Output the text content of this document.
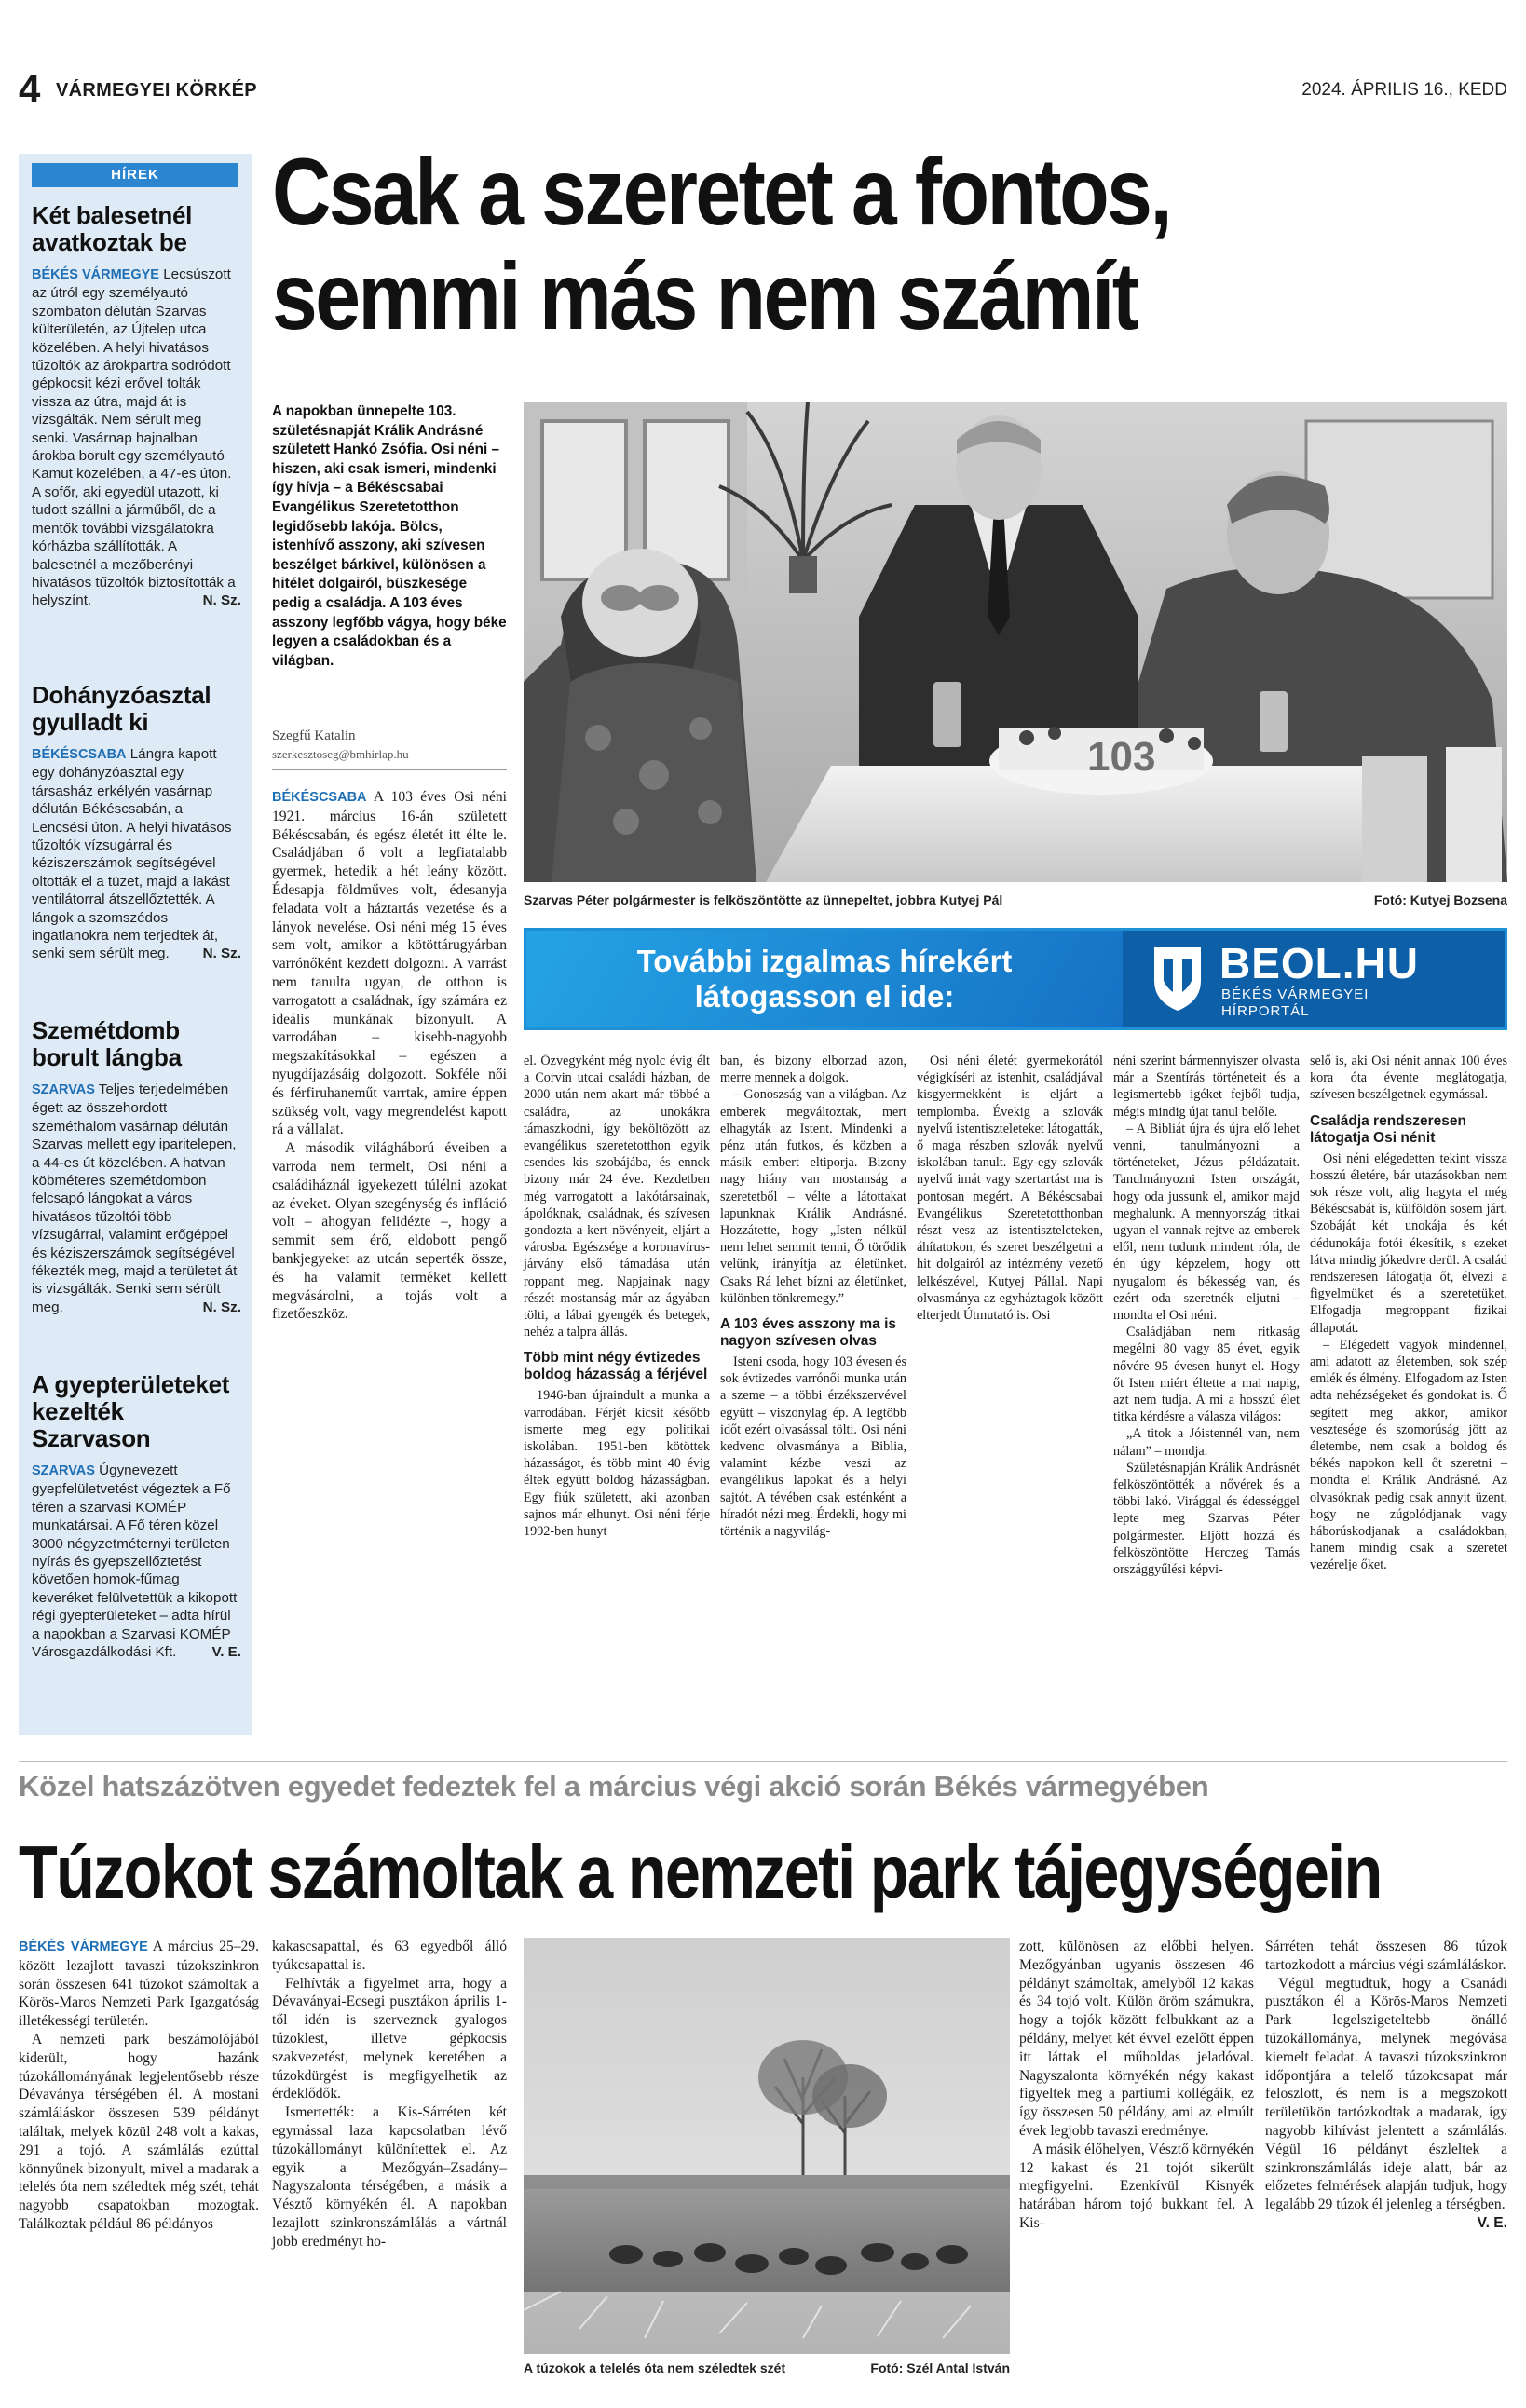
4 VÁRMEGYEI KÖRKÉP	2024. ÁPRILIS 16., KEDD
HÍREK
Két balesetnél avatkoztak be
BÉKÉS VÁRMEGYE Lecsúszott az útról egy személyautó szombaton délután Szarvas külterületén, az Újtelep utca közelében. A helyi hivatásos tűzoltók az árokpartra sodródott gépkocsit kézi erővel tolták vissza az útra, majd át is vizsgálták. Nem sérült meg senki. Vasárnap hajnalban árokba borult egy személyautó Kamut közelében, a 47-es úton. A sofőr, aki egyedül utazott, ki tudott szállni a járműből, de a mentők további vizsgálatokra kórházba szállították. A balesetnél a mezőberényi hivatásos tűzoltók biztosították a helyszínt.	N. Sz.
Dohányzóasztal gyulladt ki
BÉKÉSCSABA Lángra kapott egy dohányzóasztal egy társasház erkélyén vasárnap délután Békéscsabán, a Lencsési úton. A helyi hivatásos tűzoltók vízsugárral és kéziszerszámok segítségével oltották el a tüzet, majd a lakást ventilátorral átszellőztették. A lángok a szomszédos ingatlanokra nem terjedtek át, senki sem sérült meg. N. Sz.
Szemétdomb borult lángba
SZARVAS Teljes terjedelmében égett az összehordott szeméthalom vasárnap délután Szarvas mellett egy iparitelepen, a 44-es út közelében. A hatvan köbméteres szemétdombon felcsapó lángokat a város hivatásos tűzoltói több vízsugárral, valamint erőgéppel és kéziszerszámok segítségével fékezték meg, majd a területet át is vizsgálták. Senki sem sérült meg.	N. Sz.
A gyepterületeket kezelték Szarvason
SZARVAS Úgynevezett gyepfelületvetést végeztek a Fő téren a szarvasi KOMÉP munkatársai. A Fő téren közel 3000 négyzetméternyi területen nyírás és gyepszellőztetést követően homok-fűmag keveréket felülvetettük a kikopott régi gyepterületeket – adta hírül a napokban a Szarvasi KOMÉP Városgazdálkodási Kft.	V. E.
Csak a szeretet a fontos,
semmi más nem számít
A napokban ünnepelte 103. születésnapját Králik Andrásné született Hankó Zsófia. Osi néni – hiszen, aki csak ismeri, mindenki így hívja – a Békéscsabai Evangélikus Szeretetotthon legidősebb lakója. Bölcs, istenhívő asszony, aki szívesen beszélget bárkivel, különösen a hitélet dolgairól, büszkesége pedig a családja. A 103 éves asszony legfőbb vágya, hogy béke legyen a családokban és a világban.
Szegfű Katalin
szerkesztoseg@bmhirlap.hu	103
Szarvas Péter polgármester is felköszöntötte az ünnepeltet, jobbra Kutyej Pál	Fotó: Kutyej Bozsena
További izgalmas hírekért
látogasson el ide:
BEOL.HU
BÉKÉS VÁRMEGYEI
HÍRPORTÁL

BÉKÉSCSABA A 103 éves Osi néni 1921. március 16-án született Békéscsabán, és egész életét itt élte le. Családjában ő volt a legfiatalabb gyermek, hetedik a hét leány között. Édesapja földműves volt, édesanyja feladata volt a háztartás vezetése és a lányok nevelése. Osi néni még 15 éves sem volt, amikor a kötöttárugyárban varrónőként kezdett dolgozni. A varrást nem tanulta ugyan, de otthon is varrogatott a családnak, így számára ez ideális munkának bizonyult. A varrodában – kisebb-nagyobb megszakításokkal – egészen a nyugdíjazásáig dolgozott. Sokféle női és férfiruhaneműt varrtak, amire éppen szükség volt, vagy megrendelést kapott rá a vállalat.

A második világháború éveiben a varroda nem termelt, Osi néni a családiháznál igyekezett túlélni azokat az éveket. Olyan szegénység és infláció volt – ahogyan felidézte –, hogy a semmit sem érő, eldobott pengő bankjegyeket az utcán seperték össze, és ha valamit terméket kellett megvásárolni, a tojás volt a fizetőeszköz.

el. Özvegyként még nyolc évig élt a Corvin utcai családi házban, de 2000 után nem akart már többé a családra, az unokákra támaszkodni, így beköltözött az evangélikus szeretetotthon egyik csendes kis szobájába, és ennek bizony már 24 éve. Kezdetben még varrogatott a lakótársainak, ápolóknak, családnak, és szívesen gondozta a kert növényeit, eljárt a városba. Egészsége a koronavírus-járvány első támadása után roppant meg. Napjainak nagy részét mostanság már az ágyában tölti, a lábai gyengék és betegek, nehéz a talpra állás.

Több mint négy évtizedes boldog házasság a férjével

1946-ban újraindult a munka a varrodában. Férjét kicsit később ismerte meg egy politikai iskolában. 1951-ben kötöttek házasságot, és több mint 40 évig éltek együtt boldog házasságban. Egy fiúk született, aki azonban sajnos már elhunyt. Osi néni férje 1992-ben hunyt

ban, és bizony elborzad azon, merre mennek a dolgok.

– Gonoszság van a világban. Az emberek megváltoztak, mert elhagyták az Istent. Mindenki a pénz után futkos, és közben a másik embert eltiporja. Bizony nagy hiány van mostanság a szeretetből – vélte a látottakat lapunknak Králik Andrásné. Hozzátette, hogy „Isten nélkül nem lehet semmit tenni, Ő törődik velünk, irányítja az életünket. Csaks Rá lehet bízni az életünket, különben tönkremegy.”

A 103 éves asszony ma is nagyon szívesen olvas

Isteni csoda, hogy 103 évesen és sok évtizedes varrónői munka után a szeme – a többi érzékszervével együtt – viszonylag ép. A legtöbb időt ezért olvasással tölti. Osi néni kedvenc olvasmánya a Biblia, valamint kézbe veszi az evangélikus lapokat és a helyi sajtót. A tévében csak esténként a híradót nézi meg. Érdekli, hogy mi történik a nagyvilág-

néni szerint bármennyiszer olvasta már a Szentírás történeteit és a legismertebb igéket fejből tudja, mégis mindig újat tanul belőle.

– A Bibliát újra és újra elő lehet venni, tanulmányozni a történeteket, Jézus példázatait. Tanulmányozni Isten országát, hogy oda jussunk el, amikor majd meghalunk. A mennyország titkai ugyan el vannak rejtve az emberek elől, nem tudunk mindent róla, de én úgy képzelem, hogy ott nyugalom és békesség van, és ezért oda szeretnék eljutni – mondta el Osi néni.

Családjában nem ritkaság megélni 80 vagy 85 évet, egyik nővére 95 évesen hunyt el. Hogy őt Isten miért éltette a mai napig, azt nem tudja. A mi a hosszú élet titka kérdésre a válasza világos:

„A titok a Jóistennél van, nem nálam” – mondja.

Születésnapján Králik Andrásnét felköszöntötték a nővérek és a többi lakó. Virággal és édességgel lepte meg Szarvas Péter polgármester. Eljött hozzá és felköszöntötte Herczeg Tamás országgyűlési képvi-

selő is, aki Osi nénit annak 100 éves kora óta évente meglátogatja, szívesen beszélgetnek egymással.

Családja rendszeresen látogatja Osi nénit

Osi néni elégedetten tekint vissza hosszú életére, bár utazásokban nem sok része volt, alig hagyta el még Békéscsabát is, külföldön sosem járt. Szobáját két unokája és két dédunokája fotói ékesítik, s ezeket látva mindig jókedvre derül. A család rendszeresen látogatja őt, élvezi a figyelmüket és a szeretetüket. Elfogadja megroppant fizikai állapotát.

– Elégedett vagyok mindennel, ami adatott az életemben, sok szép emlék és élmény. Elfogadom az Isten adta nehézségeket és gondokat is. Ő segített meg akkor, amikor vesztesége és szomorúság jött az életembe, nem csak a boldog és békés napokon kell őt szeretni – mondta el Králik Andrásné. Az olvasóknak pedig csak annyit üzent, hogy ne zúgolódjanak vagy háborúskodjanak a családokban, hanem mindig csak a szeretet vezérelje őket.

Osi néni életét gyermekorától végigkíséri az istenhit, családjával kisgyermekként is eljárt a templomba. Évekig a szlovák nyelvű istentiszteleteket látogatták, ő maga részben szlovák nyelvű iskolában tanult. Egy-egy szlovák nyelvű imát vagy szertartást ma is pontosan megért. A Békéscsabai Evangélikus Szeretetotthonban részt vesz az istentiszteleteken, áhítatokon, és szeret beszélgetni a hit dolgairól az intézmény vezető lelkészével, Kutyej Pállal. Napi olvasmánya az egyháztagok között elterjedt Útmutató is. Osi

Közel hatszázötven egyedet fedeztek fel a március végi akció során Békés vármegyében
Túzokot számoltak a nemzeti park tájegységein

BÉKÉS VÁRMEGYE A március 25–29. között lezajlott tavaszi túzokszinkron során összesen 641 túzokot számoltak a Körös-Maros Nemzeti Park Igazgatóság illetékességi területén.

A nemzeti park beszámolójából kiderült, hogy hazánk túzokállományának legjelentősebb része Dévaványa térségében él. A mostani számláláskor összesen 539 példányt találtak, melyek közül 248 volt a kakas, 291 a tojó. A számlálás ezúttal könnyűnek bizonyult, mivel a madarak a telelés óta nem széledtek még szét, tehát nagyobb csapatokban mozogtak. Találkoztak például 86 példányos

kakascsapattal, és 63 egyedből álló tyúkcsapattal is.

Felhívták a figyelmet arra, hogy a Dévaványai-Ecsegi pusztákon április 1-től idén is szerveznek gyalogos túzoklest, illetve gépkocsis szakvezetést, melynek keretében a túzokdürgést is megfigyelhetik az érdeklődők.

Ismertették: a Kis-Sárréten két egymással laza kapcsolatban lévő túzokállományt különítettek el. Az egyik a Mezőgyán–Zsadány–Nagyszalonta térségében, a másik a Vésztő környékén él. A napokban lezajlott szinkronszámlálás a vártnál jobb eredményt ho-

A túzokok a telelés óta nem széledtek szét	Fotó: Szél Antal István

zott, különösen az előbbi helyen. Mezőgyánban ugyanis összesen 46 példányt számoltak, amelyből 12 kakas és 34 tojó volt. Külön öröm számukra, hogy a tojók között felbukkant az a példány, melyet két évvel ezelőtt éppen itt láttak el műholdas jeladóval. Nagyszalonta környékén négy kakast figyeltek meg a partiumi kollégáik, ez így összesen 50 példány, ami az elmúlt évek legjobb tavaszi eredménye.

A másik élőhelyen, Vésztő környékén 12 kakast és 21 tojót sikerült megfigyelni. Ezenkívül Kisnyék határában három tojó bukkant fel. A Kis-

Sárréten tehát összesen 86 túzok tartozkodott a március végi számláláskor.

Végül megtudtuk, hogy a Csanádi pusztákon él a Körös-Maros Nemzeti Park legelszigeteltebb önálló túzokállománya, melynek megóvása kiemelt feladat. A tavaszi túzokszinkron időpontjára a telelő túzokcsapat már feloszlott, és nem is a megszokott területükön tartózkodtak a madarak, így nagyobb kihívást jelentett a számlálás. Végül 16 példányt észleltek a szinkronszámlálás ideje alatt, bár az előzetes felmérések alapján tudjuk, hogy legalább 29 túzok él jelenleg a térségben.
V. E.
